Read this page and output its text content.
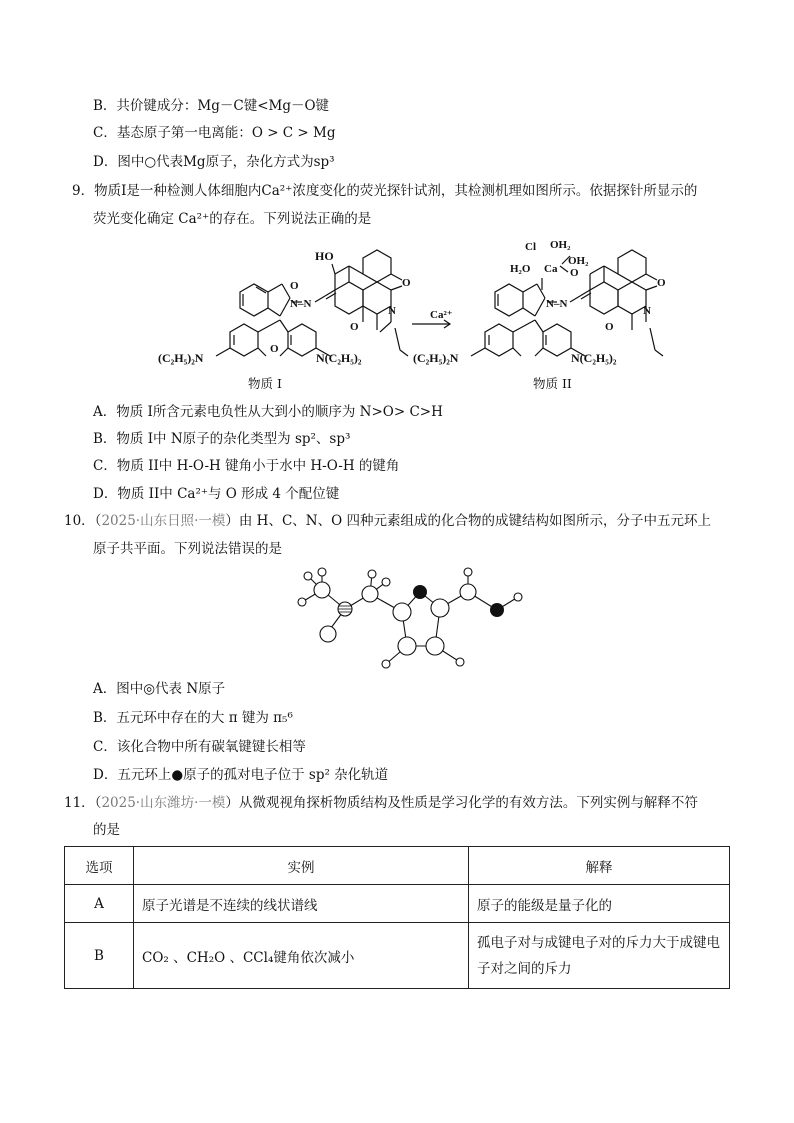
B．共价键成分：Mg－C键<Mg－O键
C．基态原子第一电离能：O > C > Mg
D．图中○代表Mg原子，杂化方式为sp³
9．物质Ⅰ是一种检测人体细胞内Ca²⁺浓度变化的荧光探针试剂，其检测机理如图所示。依据探针所显示的
荧光变化确定 Ca²⁺的存在。下列说法正确的是
HO
O
N–N
O
N
O
O
(C₂H₅)₂N	N(C₂H₅)₂
Ca²⁺
Cl OH₂
OH₂
H₂O Ca O
N–N
O
N
O
(C₂H₅)₂N	N(C₂H₅)₂
物质 I	物质 II
A．物质 I所含元素电负性从大到小的顺序为 N>O> C>H
B．物质 I中 N原子的杂化类型为 sp²、sp³
C．物质 II中 H-O-H 键角小于水中 H-O-H 的键角
D．物质 II中 Ca²⁺与 O 形成 4 个配位键
10．（2025·山东日照·一模）由 H、C、N、O 四种元素组成的化合物的成键结构如图所示，分子中五元环上
原子共平面。下列说法错误的是
A．图中◎代表 N原子
B．五元环中存在的大 π 键为 π₅⁶
C．该化合物中所有碳氧键键长相等
D．五元环上●原子的孤对电子位于 sp² 杂化轨道
11．（2025·山东潍坊·一模）从微观视角探析物质结构及性质是学习化学的有效方法。下列实例与解释不符
的是
选项	实例	解释
A	原子光谱是不连续的线状谱线	原子的能级是量子化的
B	CO₂ 、CH₂O 、CCl₄键角依次减小	孤电子对与成键电子对的斥力大于成键电子对之间的斥力
